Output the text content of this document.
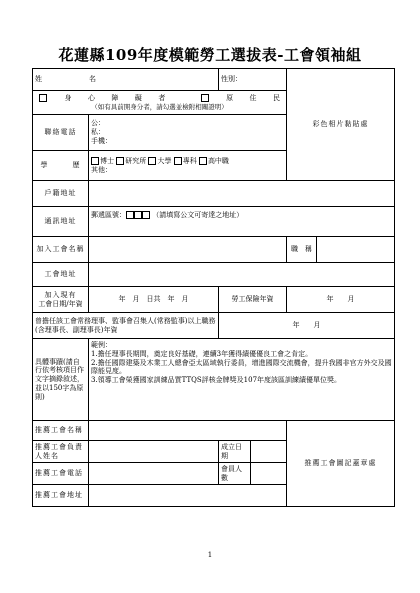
花蓮縣109年度模範勞工選拔表-工會領袖組
姓　　　　　名		性別：		彩色相片黏貼處	

身心障礙者 原住民
（如有具前開身分者，請勾選並檢附相關證明）					

聯絡電話	公：
私：
手機：				

學　　　歷	博士 研究所 大學 專科 高中職
其他：				

戶籍地址					
通訊地址	郵遞區號： （請填寫公文可寄達之地址）				
加入工會名稱				職　稱	
工會地址					

加入現有
工會日期/年資	年　月　日共　年　月	勞工保險年資		年　　月	
曾擔任該工會常務理事、監事會召集人(常務監事)以上職務(含理事長、副理事長)年資		年　　月			
具體事蹟(請自行依考核項目作文字摘錄敘述，並以150字為原則)	範例：
1.擔任理事長期間，奠定良好基礎，連續3年獲得績優優良工會之肯定。
2.擔任國際建築及木業工人總會亞太區域執行委員，增進國際交流機會，提升我國非官方外交及國際能見度。
3.領導工會榮獲國家訓練品質TTQS評核金牌獎及107年度該區訓練績優單位獎。				

推薦工會名稱				推薦工會圖記蓋章處	
推薦工會負責人姓名		成立日期			
推薦工會電話		會員人數			
推薦工會地址					
1
